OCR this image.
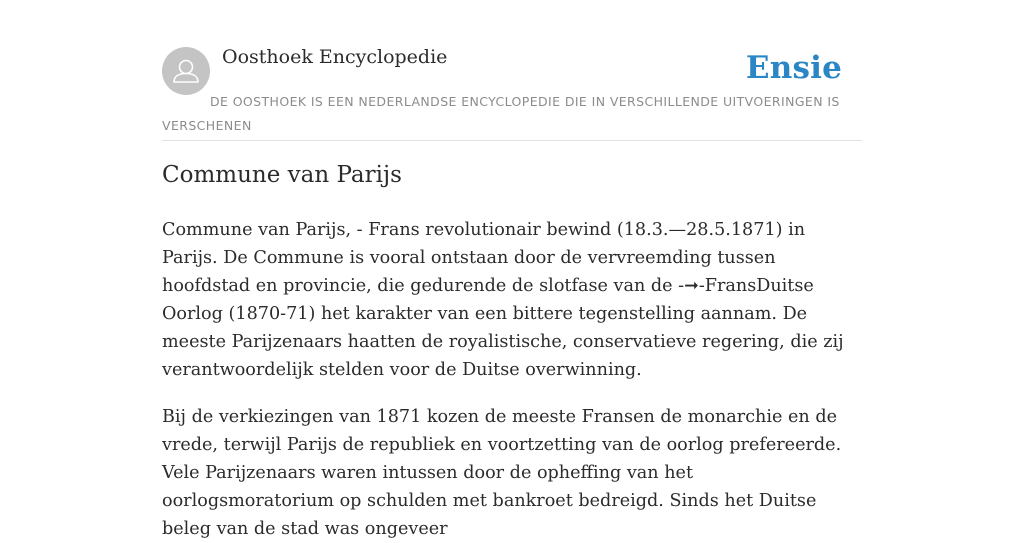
Oosthoek Encyclopedie	Ensie
DE OOSTHOEK IS EEN NEDERLANDSE ENCYCLOPEDIE DIE IN VERSCHILLENDE UITVOERINGEN IS VERSCHENEN
Commune van Parijs

Commune van Parijs, - Frans revolutionair bewind (18.3.—28.5.1871) in Parijs. De Commune is vooral ontstaan door de vervreemding tussen hoofdstad en provincie, die gedurende de slotfase van de -➞-FransDuitse Oorlog (1870-71) het karakter van een bittere tegenstelling aannam. De meeste Parijzenaars haatten de royalistische, conservatieve regering, die zij verantwoordelijk stelden voor de Duitse overwinning.

Bij de verkiezingen van 1871 kozen de meeste Fransen de monarchie en de vrede, terwijl Parijs de republiek en voortzetting van de oorlog prefereerde. Vele Parijzenaars waren intussen door de opheffing van het oorlogsmoratorium op schulden met bankroet bedreigd. Sinds het Duitse beleg van de stad was ongeveer
